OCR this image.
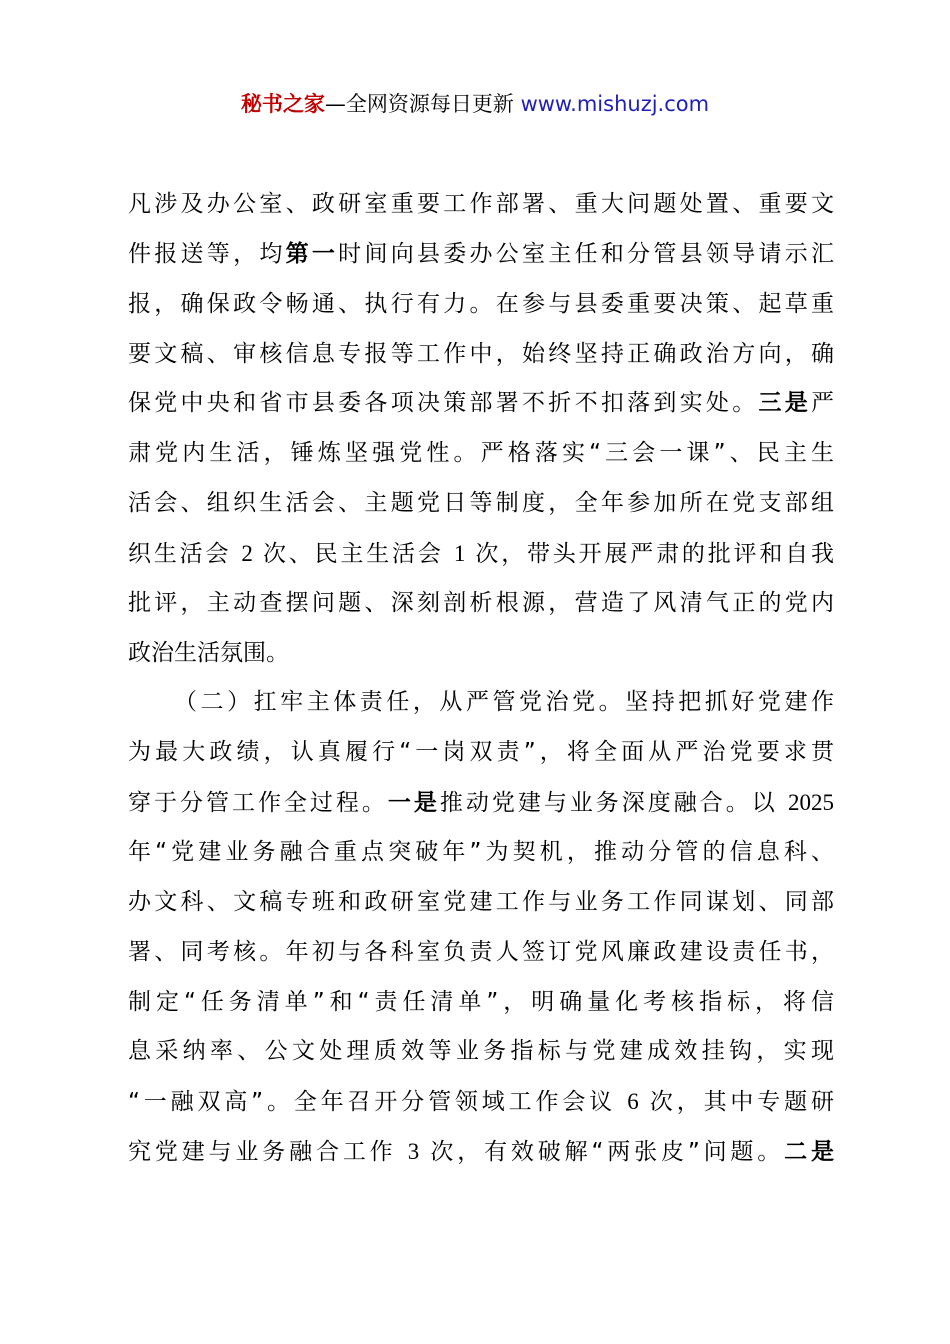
秘书之家—全网资源每日更新 www.mishuzj.com
凡涉及办公室、政研室重要工作部署、重大问题处置、重要文
件报送等，均第一时间向县委办公室主任和分管县领导请示汇
报，确保政令畅通、执行有力。在参与县委重要决策、起草重
要文稿、审核信息专报等工作中，始终坚持正确政治方向，确
保党中央和省市县委各项决策部署不折不扣落到实处。三是严
肃党内生活，锤炼坚强党性。严格落实“三会一课”、民主生
活会、组织生活会、主题党日等制度，全年参加所在党支部组
织生活会 2 次、民主生活会 1 次，带头开展严肃的批评和自我
批评，主动查摆问题、深刻剖析根源，营造了风清气正的党内
政治生活氛围。
（二）扛牢主体责任，从严管党治党。坚持把抓好党建作
为最大政绩，认真履行“一岗双责”，将全面从严治党要求贯
穿于分管工作全过程。一是推动党建与业务深度融合。以 2025
年“党建业务融合重点突破年”为契机，推动分管的信息科、
办文科、文稿专班和政研室党建工作与业务工作同谋划、同部
署、同考核。年初与各科室负责人签订党风廉政建设责任书，
制定“任务清单”和“责任清单”，明确量化考核指标，将信
息采纳率、公文处理质效等业务指标与党建成效挂钩，实现
“一融双高”。全年召开分管领域工作会议 6 次，其中专题研
究党建与业务融合工作 3 次，有效破解“两张皮”问题。二是
